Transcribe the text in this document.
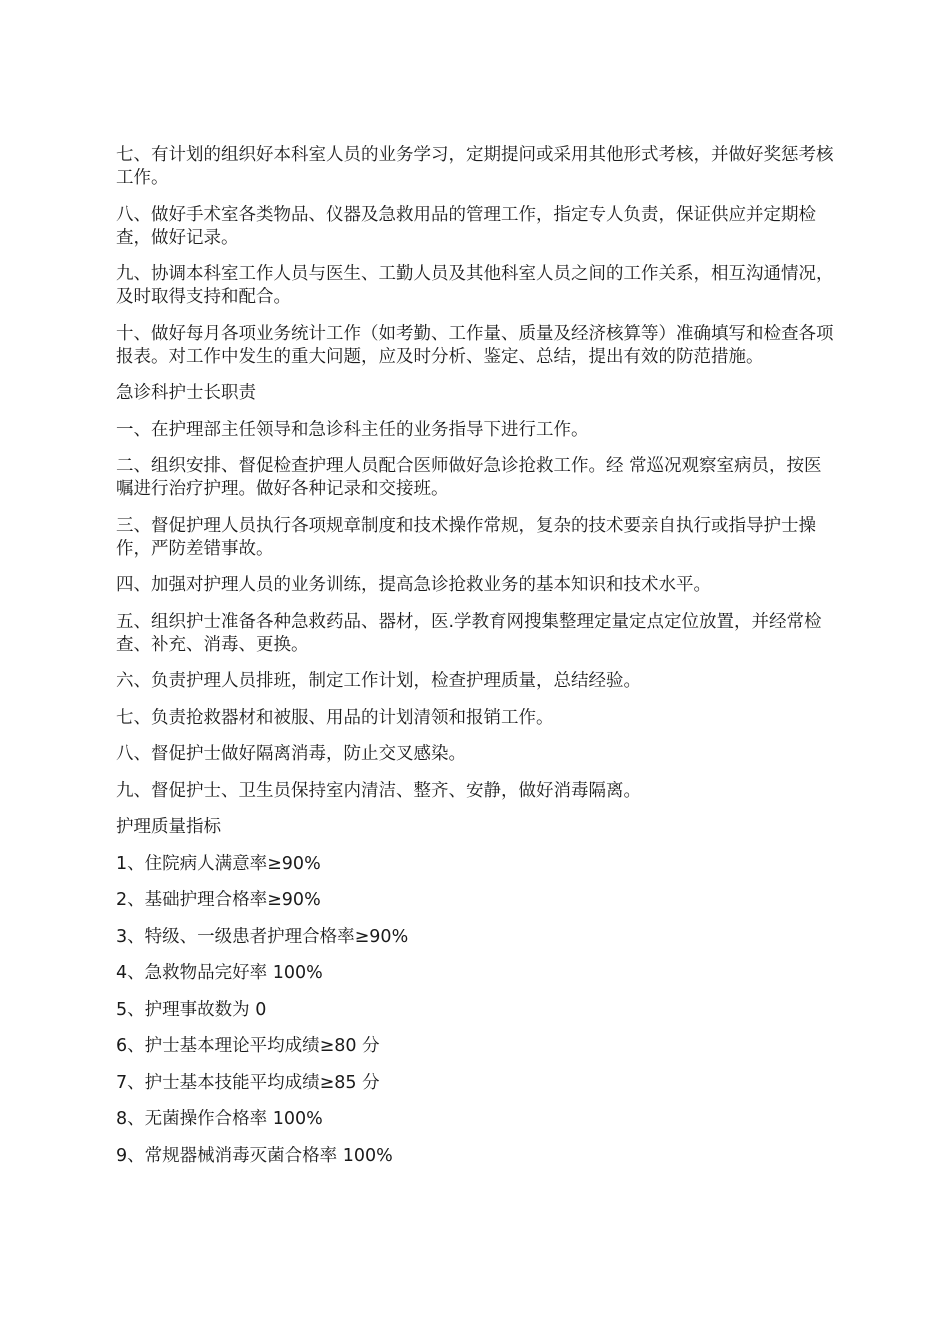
七、有计划的组织好本科室人员的业务学习，定期提问或采用其他形式考核，并做好奖惩考核工作。

八、做好手术室各类物品、仪器及急救用品的管理工作，指定专人负责，保证供应并定期检查，做好记录。

九、协调本科室工作人员与医生、工勤人员及其他科室人员之间的工作关系，相互沟通情况，及时取得支持和配合。

十、做好每月各项业务统计工作（如考勤、工作量、质量及经济核算等）准确填写和检查各项报表。对工作中发生的重大问题，应及时分析、鉴定、总结，提出有效的防范措施。

急诊科护士长职责

一、在护理部主任领导和急诊科主任的业务指导下进行工作。

二、组织安排、督促检查护理人员配合医师做好急诊抢救工作。经 常巡况观察室病员，按医嘱进行治疗护理。做好各种记录和交接班。

三、督促护理人员执行各项规章制度和技术操作常规，复杂的技术要亲自执行或指导护士操作，严防差错事故。

四、加强对护理人员的业务训练，提高急诊抢救业务的基本知识和技术水平。

五、组织护士准备各种急救药品、器材，医.学教育网搜集整理定量定点定位放置，并经常检查、补充、消毒、更换。

六、负责护理人员排班，制定工作计划，检查护理质量，总结经验。

七、负责抢救器材和被服、用品的计划清领和报销工作。

八、督促护士做好隔离消毒，防止交叉感染。

九、督促护士、卫生员保持室内清洁、整齐、安静，做好消毒隔离。

护理质量指标

1、住院病人满意率≥90%

2、基础护理合格率≥90%

3、特级、一级患者护理合格率≥90%

4、急救物品完好率 100%

5、护理事故数为 0

6、护士基本理论平均成绩≥80 分

7、护士基本技能平均成绩≥85 分

8、无菌操作合格率 100%

9、常规器械消毒灭菌合格率 100%
